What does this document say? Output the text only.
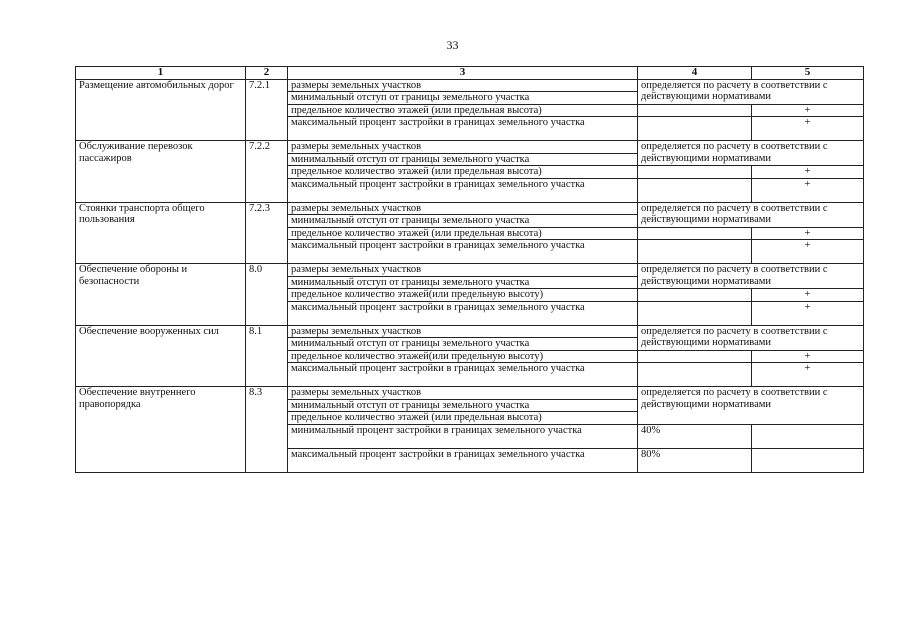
33
1	2	3	4	5
Размещение автомобильных дорог	7.2.1	размеры земельных участков	определяется по расчету в соответствии с действующими нормативами	
		минимальный отступ от границы земельного участка		
		предельное количество этажей (или предельная высота)		+
		максимальный процент застройки в границах земельного участка		+
Обслуживание перевозок пассажиров	7.2.2	размеры земельных участков	определяется по расчету в соответствии с действующими нормативами	
		минимальный отступ от границы земельного участка		
		предельное количество этажей (или предельная высота)		+
		максимальный процент застройки в границах земельного участка		+
Стоянки транспорта общего пользования	7.2.3	размеры земельных участков	определяется по расчету в соответствии с действующими нормативами	
		минимальный отступ от границы земельного участка		
		предельное количество этажей (или предельная высота)		+
		максимальный процент застройки в границах земельного участка		+
Обеспечение обороны и безопасности	8.0	размеры земельных участков	определяется по расчету в соответствии с действующими нормативами	
		минимальный отступ от границы земельного участка		
		предельное количество этажей(или предельную высоту)		+
		максимальный процент застройки в границах земельного участка		+
Обеспечение вооруженных сил	8.1	размеры земельных участков	определяется по расчету в соответствии с действующими нормативами	
		минимальный отступ от границы земельного участка		
		предельное количество этажей(или предельную высоту)		+
		максимальный процент застройки в границах земельного участка		+
Обеспечение внутреннего правопорядка	8.3	размеры земельных участков	определяется по расчету в соответствии с действующими нормативами	
		минимальный отступ от границы земельного участка		
		предельное количество этажей (или предельная высота)		
		минимальный процент застройки в границах земельного участка	40%	
		максимальный процент застройки в границах земельного участка	80%	
